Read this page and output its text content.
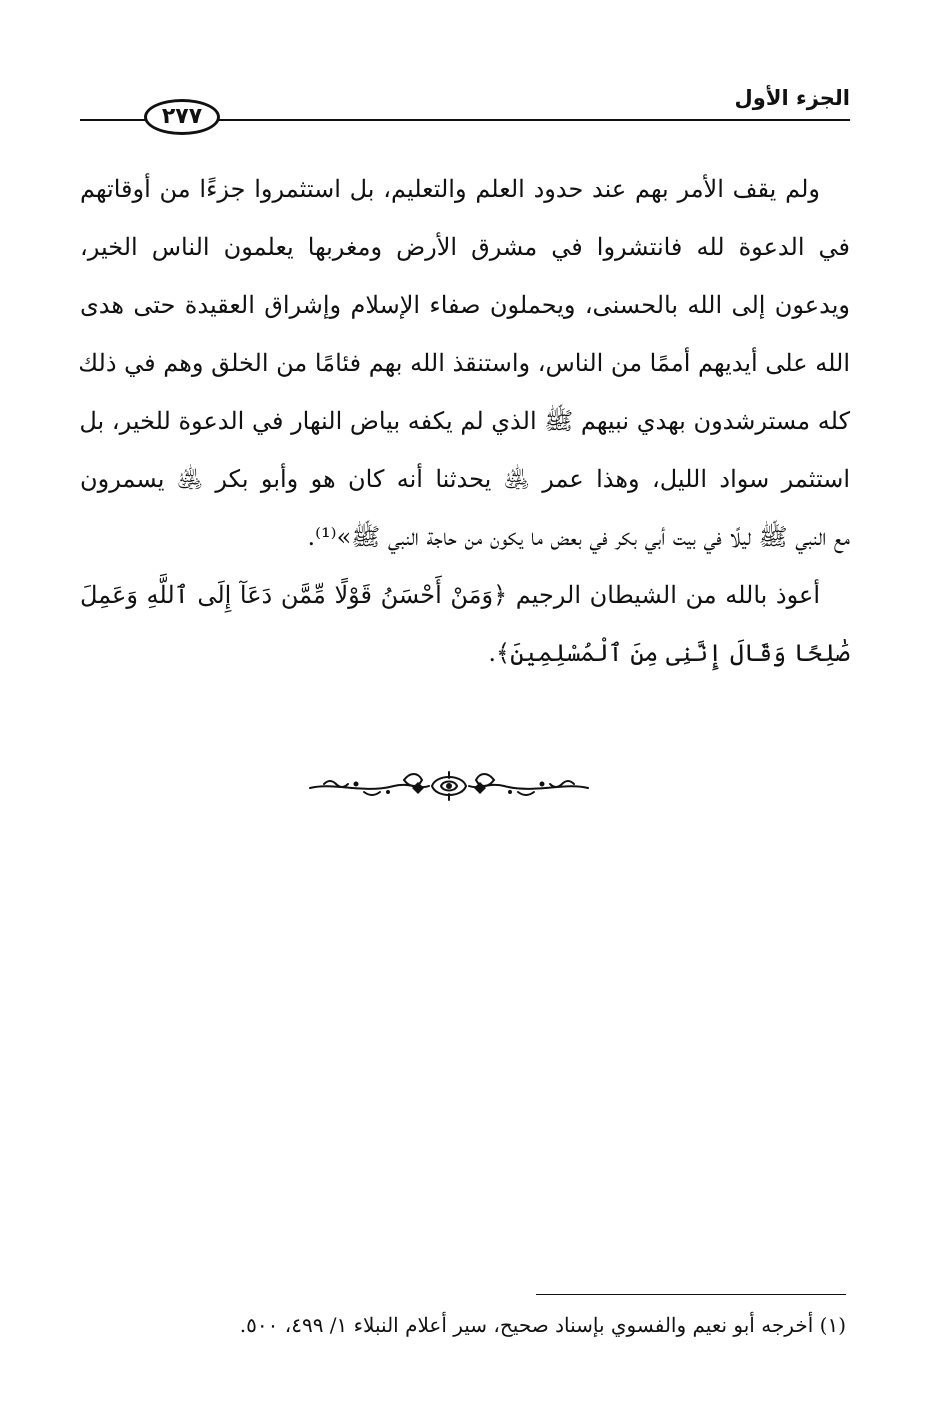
الجزء الأول
٢٧٧
ولم يقف الأمر بهم عند حدود العلم والتعليم، بل استثمروا جزءًا من أوقاتهم
في الدعوة لله فانتشروا في مشرق الأرض ومغربها يعلمون الناس الخير،
ويدعون إلى الله بالحسنى، ويحملون صفاء الإسلام وإشراق العقيدة حتى هدى
الله على أيديهم أممًا من الناس، واستنقذ الله بهم فئامًا من الخلق وهم في ذلك
كله مسترشدون بهدي نبيهم ﷺ الذي لم يكفه بياض النهار في الدعوة للخير، بل
استثمر سواد الليل، وهذا عمر ﵁ يحدثنا أنه كان هو وأبو بكر ﵁ يسمرون
مع النبي ﷺ ليلًا في بيت أبي بكر في بعض ما يكون من حاجة النبي ﷺ»⁽¹⁾.
أعوذ بالله من الشيطان الرجيم ﴿وَمَنْ أَحْسَنُ قَوْلًا مِّمَّن دَعَآ إِلَى ٱللَّهِ وَعَمِلَ
صَٰلِحًا وَقَالَ إِنَّنِى مِنَ ٱلْمُسْلِمِينَ﴾.
(١) أخرجه أبو نعيم والفسوي بإسناد صحيح، سير أعلام النبلاء ١/ ٤٩٩، ٥٠٠.
